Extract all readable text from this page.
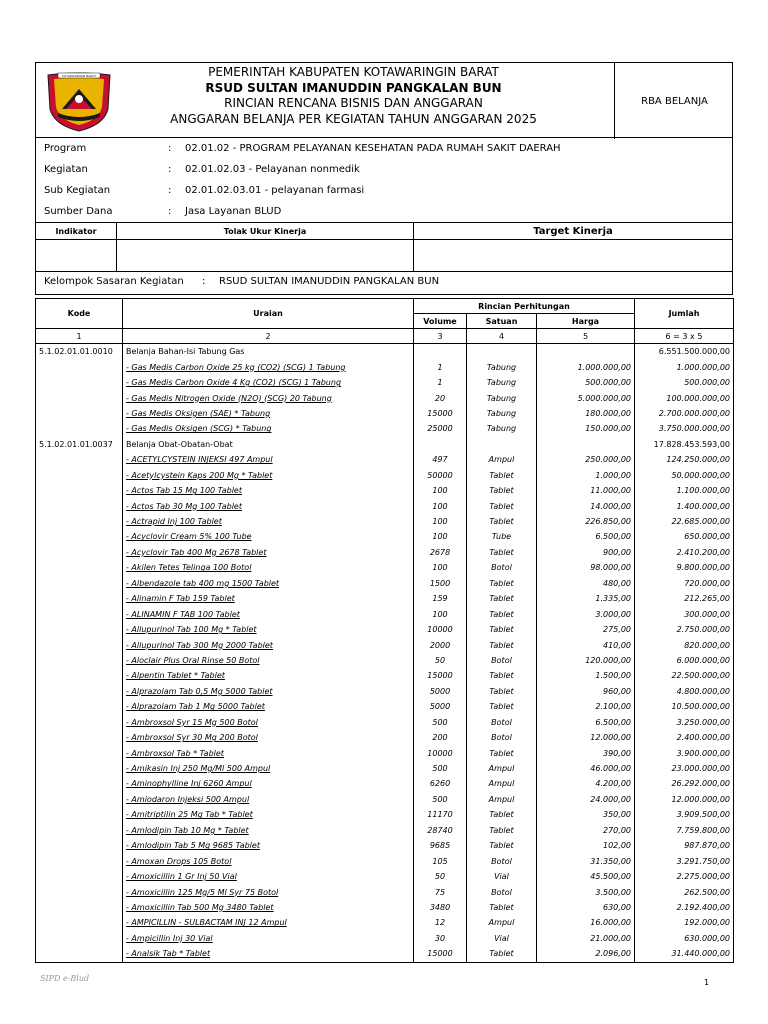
KOTAWARINGIN BARAT	PEMERINTAH KABUPATEN KOTAWARINGIN BARAT
RSUD SULTAN IMANUDDIN PANGKALAN BUN
RINCIAN RENCANA BISNIS DAN ANGGARAN
ANGGARAN BELANJA PER KEGIATAN TAHUN ANGGARAN 2025
RBA BELANJA
Program	: 02.01.02 - PROGRAM PELAYANAN KESEHATAN PADA RUMAH SAKIT DAERAH
Kegiatan	: 02.01.02.03 - Pelayanan nonmedik
Sub Kegiatan	: 02.01.02.03.01 - pelayanan farmasi
Sumber Dana	: Jasa Layanan BLUD
Indikator	Tolak Ukur Kinerja	Target Kinerja
Kelompok Sasaran Kegiatan : RSUD SULTAN IMANUDDIN PANGKALAN BUN
Kode	Uraian	Rincian Perhitungan			Jumlah
		Volume	Satuan	Harga	
1	2	3	4	5	6 = 3 x 5
5.1.02.01.01.0010	Belanja Bahan-Isi Tabung Gas				6.551.500.000,00
	- Gas Medis Carbon Oxide 25 kg (CO2) (SCG) 1 Tabung	1	Tabung	1.000.000,00	1.000.000,00
	- Gas Medis Carbon Oxide 4 Kg (CO2) (SCG) 1 Tabung	1	Tabung	500.000,00	500.000,00
	- Gas Medis Nitrogen Oxide (N2O) (SCG) 20 Tabung	20	Tabung	5.000.000,00	100.000.000,00
	- Gas Medis Oksigen (SAE) * Tabung	15000	Tabung	180.000,00	2.700.000.000,00
	- Gas Medis Oksigen (SCG) * Tabung	25000	Tabung	150.000,00	3.750.000.000,00
5.1.02.01.01.0037	Belanja Obat-Obatan-Obat				17.828.453.593,00
	- ACETYLCYSTEIN INJEKSI 497 Ampul	497	Ampul	250.000,00	124.250.000,00
	- Acetylcystein Kaps 200 Mg * Tablet	50000	Tablet	1.000,00	50.000.000,00
	- Actos Tab 15 Mg 100 Tablet	100	Tablet	11.000,00	1.100.000,00
	- Actos Tab 30 Mg 100 Tablet	100	Tablet	14.000,00	1.400.000,00
	- Actrapid Inj 100 Tablet	100	Tablet	226.850,00	22.685.000,00
	- Acyclovir Cream 5% 100 Tube	100	Tube	6.500,00	650.000,00
	- Acyclovir Tab 400 Mg 2678 Tablet	2678	Tablet	900,00	2.410.200,00
	- Akilen Tetes Telinga 100 Botol	100	Botol	98.000,00	9.800.000,00
	- Albendazole tab 400 mg 1500 Tablet	1500	Tablet	480,00	720.000,00
	- Alinamin F Tab 159 Tablet	159	Tablet	1.335,00	212.265,00
	- ALINAMIN F TAB 100 Tablet	100	Tablet	3.000,00	300.000,00
	- Allupurinol Tab 100 Mg * Tablet	10000	Tablet	275,00	2.750.000,00
	- Allupurinol Tab 300 Mg 2000 Tablet	2000	Tablet	410,00	820.000,00
	- Aloclair Plus Oral Rinse 50 Botol	50	Botol	120.000,00	6.000.000,00
	- Alpentin Tablet * Tablet	15000	Tablet	1.500,00	22.500.000,00
	- Alprazolam Tab 0,5 Mg 5000 Tablet	5000	Tablet	960,00	4.800.000,00
	- Alprazolam Tab 1 Mg 5000 Tablet	5000	Tablet	2.100,00	10.500.000,00
	- Ambroxsol Syr 15 Mg 500 Botol	500	Botol	6.500,00	3.250.000,00
	- Ambroxsol Syr 30 Mg 200 Botol	200	Botol	12.000,00	2.400.000,00
	- Ambroxsol Tab * Tablet	10000	Tablet	390,00	3.900.000,00
	- Amikasin Inj 250 Mg/Ml 500 Ampul	500	Ampul	46.000,00	23.000.000,00
	- Aminophylline Inj 6260 Ampul	6260	Ampul	4.200,00	26.292.000,00
	- Amiodaron Injeksi 500 Ampul	500	Ampul	24.000,00	12.000.000,00
	- Amitriptilin 25 Mg Tab * Tablet	11170	Tablet	350,00	3.909.500,00
	- Amlodipin Tab 10 Mg * Tablet	28740	Tablet	270,00	7.759.800,00
	- Amlodipin Tab 5 Mg 9685 Tablet	9685	Tablet	102,00	987.870,00
	- Amoxan Drops 105 Botol	105	Botol	31.350,00	3.291.750,00
	- Amoxicillin 1 Gr Inj 50 Vial	50	Vial	45.500,00	2.275.000,00
	- Amoxicillin 125 Mg/5 Ml Syr 75 Botol	75	Botol	3.500,00	262.500,00
	- Amoxicillin Tab 500 Mg 3480 Tablet	3480	Tablet	630,00	2.192.400,00
	- AMPICILLIN - SULBACTAM INJ 12 Ampul	12	Ampul	16.000,00	192.000,00
	- Ampicillin Inj 30 Vial	30	Vial	21.000,00	630.000,00
	- Analsik Tab * Tablet	15000	Tablet	2.096,00	31.440.000,00
SIPD e-Blud	1
